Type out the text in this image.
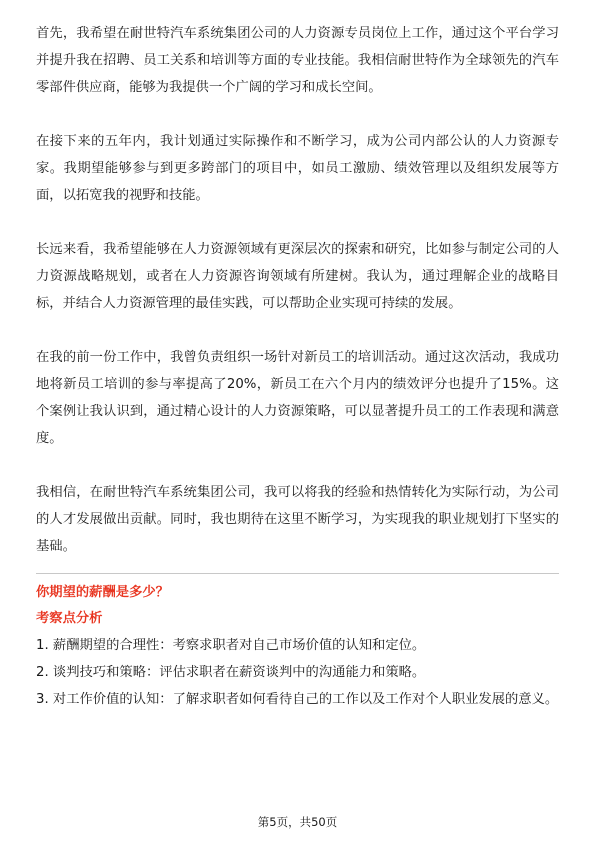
首先，我希望在耐世特汽车系统集团公司的人力资源专员岗位上工作，通过这个平台学习并提升我在招聘、员工关系和培训等方面的专业技能。我相信耐世特作为全球领先的汽车零部件供应商，能够为我提供一个广阔的学习和成长空间。

在接下来的五年内，我计划通过实际操作和不断学习，成为公司内部公认的人力资源专家。我期望能够参与到更多跨部门的项目中，如员工激励、绩效管理以及组织发展等方面，以拓宽我的视野和技能。

长远来看，我希望能够在人力资源领域有更深层次的探索和研究，比如参与制定公司的人力资源战略规划，或者在人力资源咨询领域有所建树。我认为，通过理解企业的战略目标，并结合人力资源管理的最佳实践，可以帮助企业实现可持续的发展。

在我的前一份工作中，我曾负责组织一场针对新员工的培训活动。通过这次活动，我成功地将新员工培训的参与率提高了20%，新员工在六个月内的绩效评分也提升了15%。这个案例让我认识到，通过精心设计的人力资源策略，可以显著提升员工的工作表现和满意度。

我相信，在耐世特汽车系统集团公司，我可以将我的经验和热情转化为实际行动，为公司的人才发展做出贡献。同时，我也期待在这里不断学习，为实现我的职业规划打下坚实的基础。

你期望的薪酬是多少？

考察点分析

1. 薪酬期望的合理性：考察求职者对自己市场价值的认知和定位。

2. 谈判技巧和策略：评估求职者在薪资谈判中的沟通能力和策略。

3. 对工作价值的认知：了解求职者如何看待自己的工作以及工作对个人职业发展的意义。

第5页，共50页
